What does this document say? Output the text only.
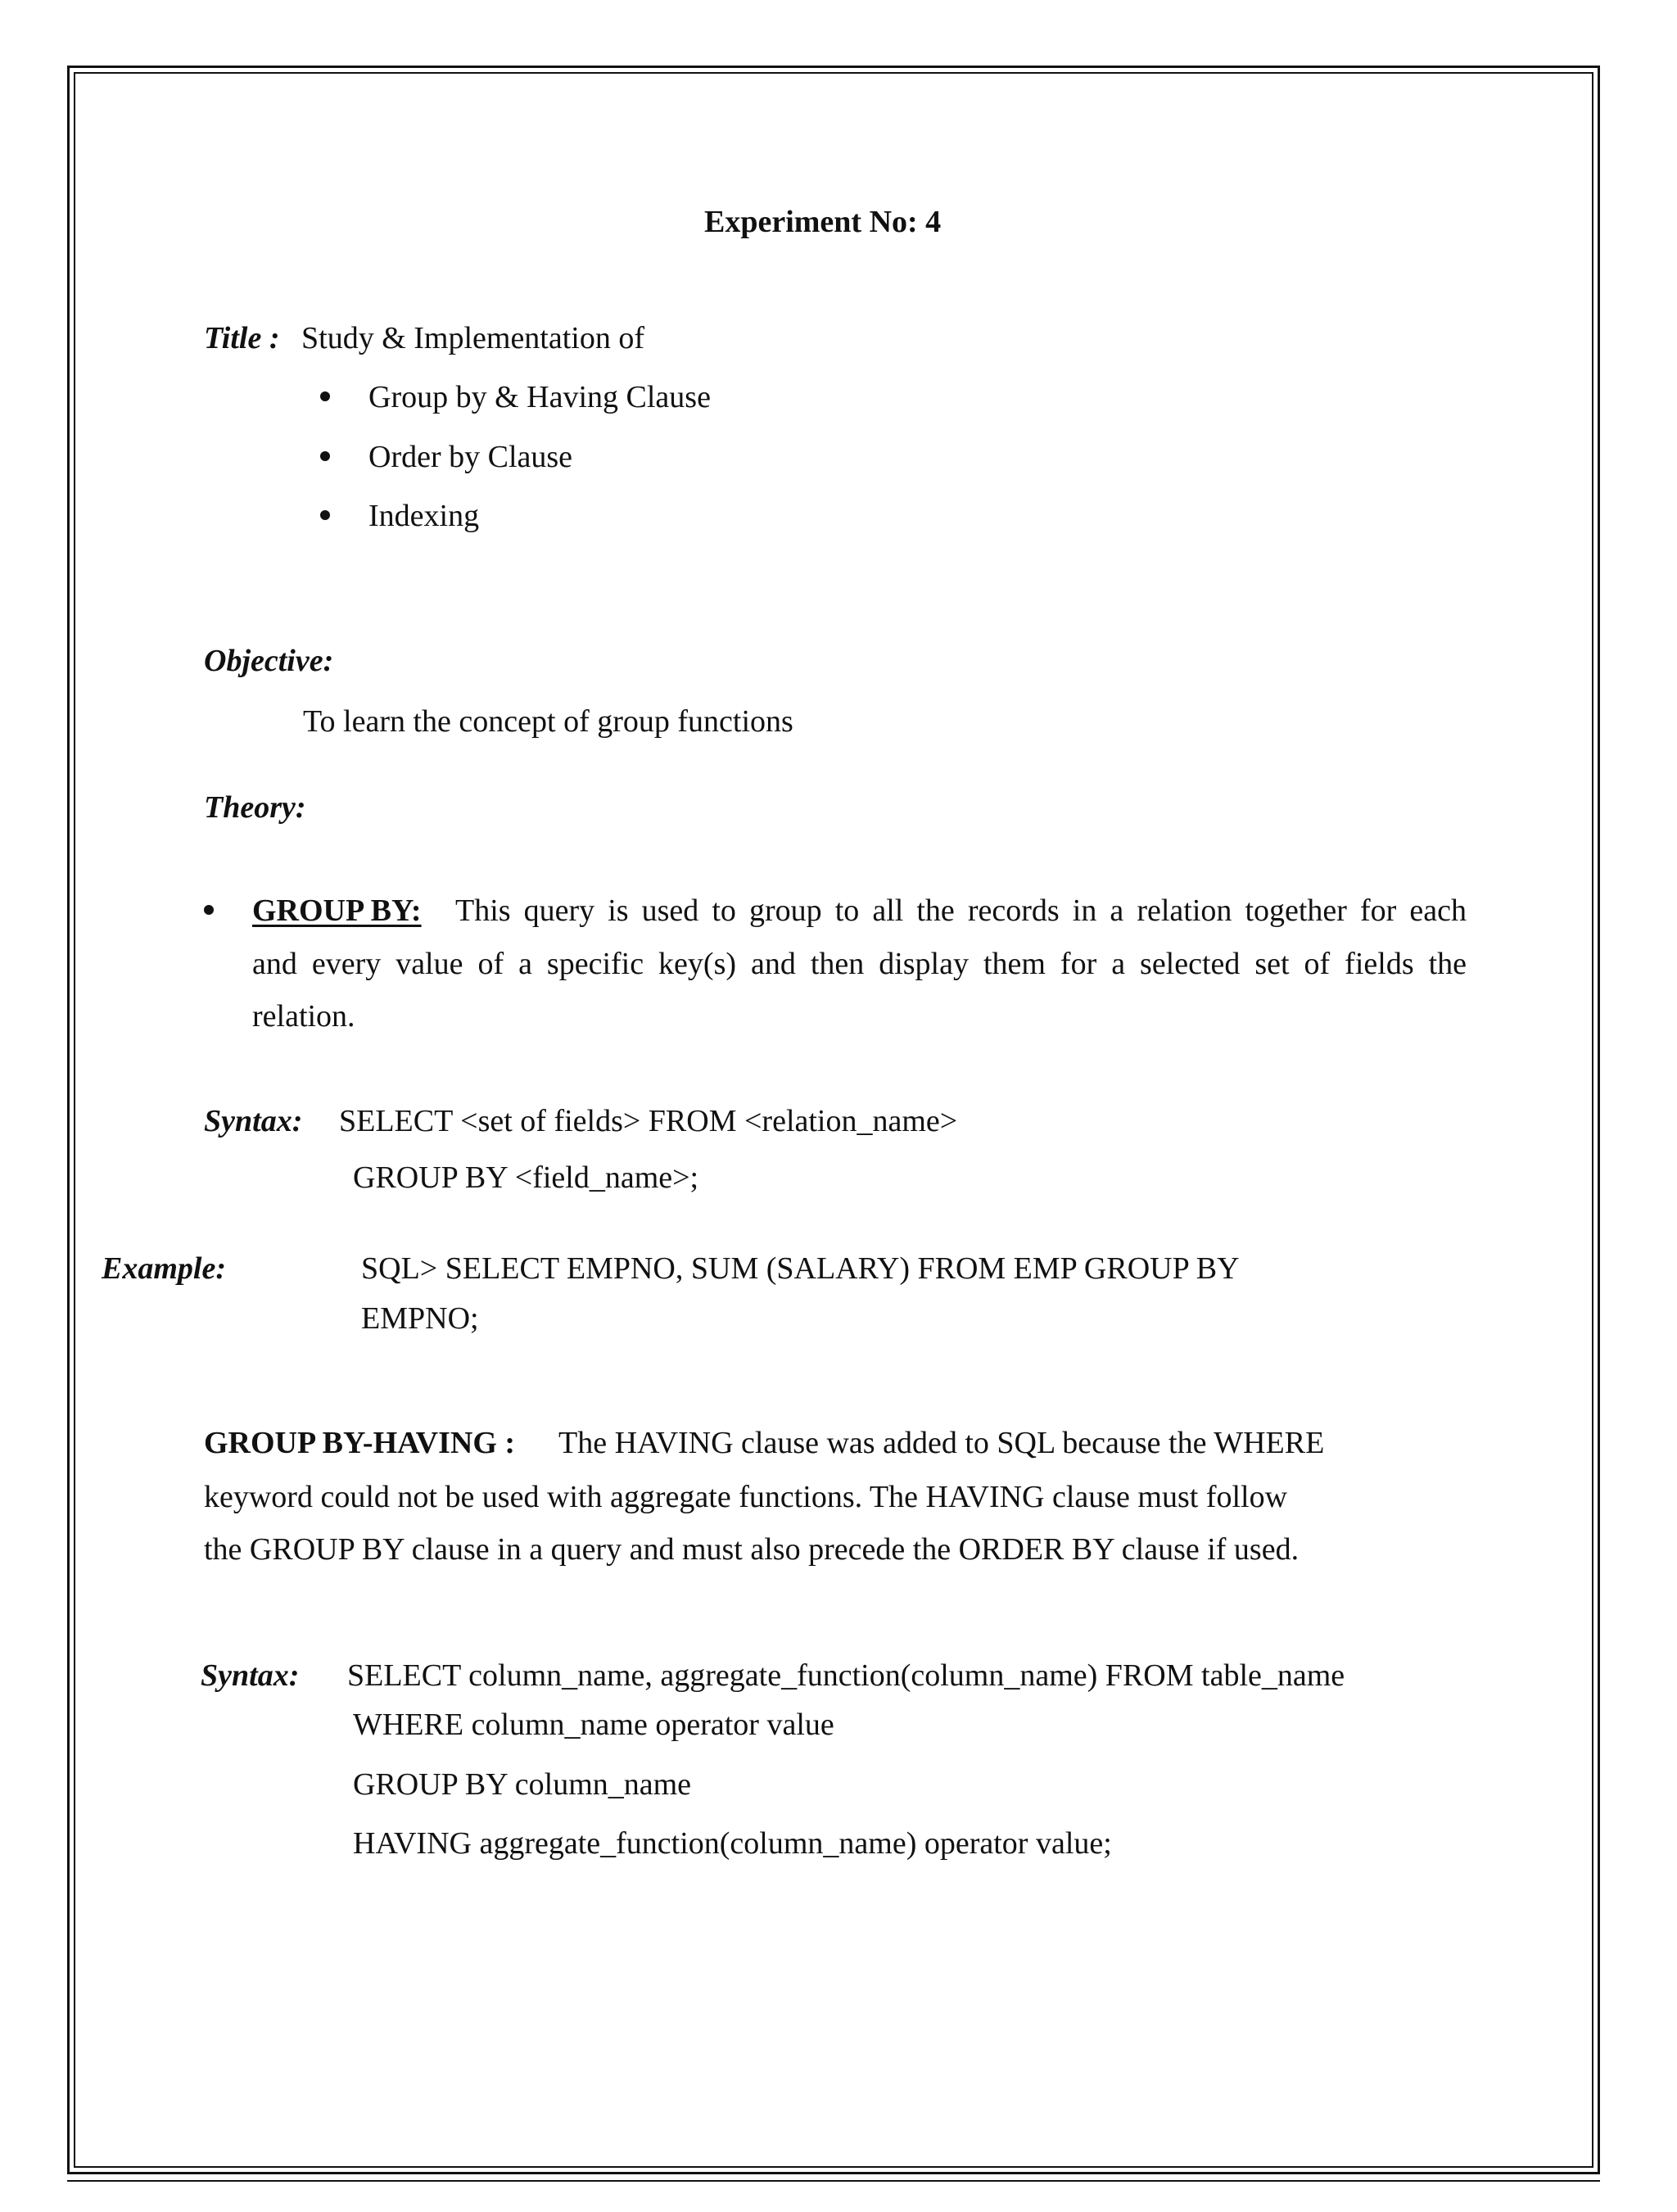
Experiment No: 4
Title : Study & Implementation of
Group by & Having Clause
Order by Clause
Indexing
Objective:
To learn the concept of group functions
Theory:
GROUP BY: This query is used to group to all the records in a relation together for each
and every value of a specific key(s) and then display them for a selected set of fields the
relation.
Syntax: SELECT <set of fields> FROM <relation_name>
GROUP BY <field_name>;
Example:	SQL> SELECT EMPNO, SUM (SALARY) FROM EMP GROUP BY
EMPNO;
GROUP BY-HAVING : The HAVING clause was added to SQL because the WHERE
keyword could not be used with aggregate functions. The HAVING clause must follow
the GROUP BY clause in a query and must also precede the ORDER BY clause if used.
Syntax: SELECT column_name, aggregate_function(column_name) FROM table_name
WHERE column_name operator value
GROUP BY column_name
HAVING aggregate_function(column_name) operator value;
